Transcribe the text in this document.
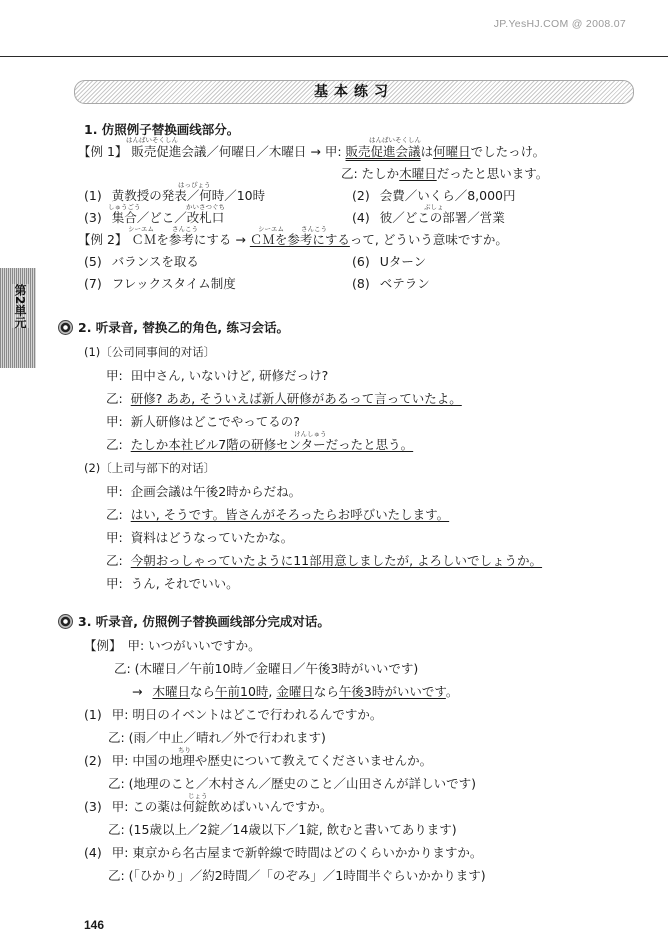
JP.YesHJ.COM @ 2008.07
基本练习
第2単元
1. 仿照例子替换画线部分。
はんばいそくしん	はんばいそくしん
【例 1】 販売促進会議／何曜日／木曜日 → 甲: 販売促進会議は何曜日でしたっけ。
乙: たしか木曜日だったと思います。
はっぴょう
(1) 黄教授の発表／何時／10時	(2) 会費／いくら／8,000円
しゅうごう	かいさつぐち	ぶしょ
(3) 集合／どこ／改札口	(4) 彼／どこの部署／営業
シーエム	さんこう	シーエム	さんこう
【例 2】 ＣＭを参考にする → ＣＭを参考にするって, どういう意味ですか。
(5) バランスを取る	(6) Uターン
(7) フレックスタイム制度	(8) ベテラン
2. 听录音, 替换乙的角色, 练习会话。
(1)〔公司同事间的对话〕
甲: 田中さん, いないけど, 研修だっけ?
乙: 研修? ああ, そういえば新人研修があるって言っていたよ。
甲: 新人研修はどこでやってるの?
けんしゅう
乙: たしか本社ビル7階の研修センターだったと思う。
(2)〔上司与部下的对话〕
甲: 企画会議は午後2時からだね。
乙: はい, そうです。皆さんがそろったらお呼びいたします。
甲: 資料はどうなっていたかな。
乙: 今朝おっしゃっていたように11部用意しましたが, よろしいでしょうか。
甲: うん, それでいい。
3. 听录音, 仿照例子替换画线部分完成对话。
【例】 甲: いつがいいですか。
乙: (木曜日／午前10時／金曜日／午後3時がいいです)
→ 木曜日なら午前10時, 金曜日なら午後3時がいいです。
(1) 甲: 明日のイベントはどこで行われるんですか。
乙: (雨／中止／晴れ／外で行われます)
ちり
(2) 甲: 中国の地理や歴史について教えてくださいませんか。
乙: (地理のこと／木村さん／歴史のこと／山田さんが詳しいです)
じょう
(3) 甲: この薬は何錠飲めばいいんですか。
乙: (15歳以上／2錠／14歳以下／1錠, 飲むと書いてあります)
(4) 甲: 東京から名古屋まで新幹線で時間はどのくらいかかりますか。
乙: (「ひかり」／約2時間／「のぞみ」／1時間半ぐらいかかります)
146
